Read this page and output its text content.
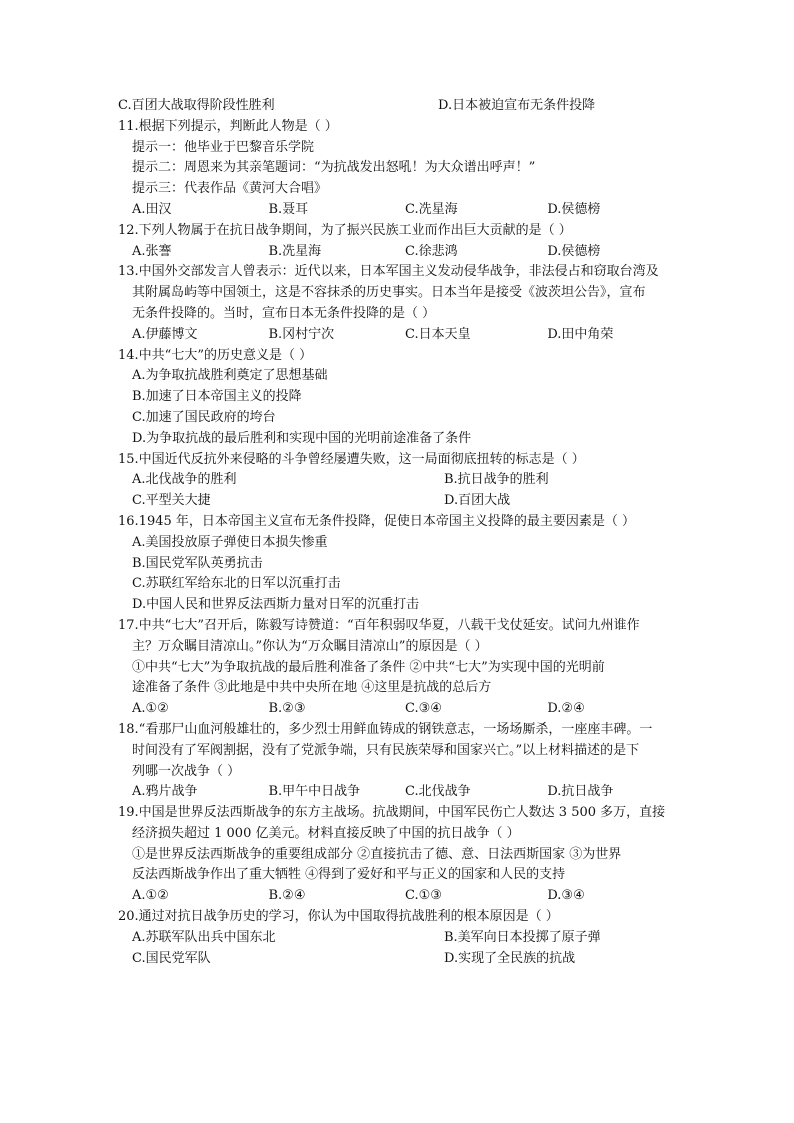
C.百团大战取得阶段性胜利	D.日本被迫宣布无条件投降
11.根据下列提示，判断此人物是（ ）
提示一：他毕业于巴黎音乐学院
提示二：周恩来为其亲笔题词：“为抗战发出怒吼！为大众谱出呼声！”
提示三：代表作品《黄河大合唱》
A.田汉	B.聂耳	C.冼星海	D.侯德榜
12.下列人物属于在抗日战争期间，为了振兴民族工业而作出巨大贡献的是（ ）
A.张謇	B.冼星海	C.徐悲鸿	D.侯德榜
13.中国外交部发言人曾表示：近代以来，日本军国主义发动侵华战争，非法侵占和窃取台湾及
其附属岛屿等中国领土，这是不容抹杀的历史事实。日本当年是接受《波茨坦公告》，宣布
无条件投降的。当时，宣布日本无条件投降的是（ ）
A.伊藤博文	B.冈村宁次	C.日本天皇	D.田中角荣
14.中共“七大”的历史意义是（ ）
A.为争取抗战胜利奠定了思想基础
B.加速了日本帝国主义的投降
C.加速了国民政府的垮台
D.为争取抗战的最后胜利和实现中国的光明前途准备了条件
15.中国近代反抗外来侵略的斗争曾经屡遭失败，这一局面彻底扭转的标志是（ ）
A.北伐战争的胜利	B.抗日战争的胜利
C.平型关大捷	D.百团大战
16.1945 年，日本帝国主义宣布无条件投降，促使日本帝国主义投降的最主要因素是（ ）
A.美国投放原子弹使日本损失惨重
B.国民党军队英勇抗击
C.苏联红军给东北的日军以沉重打击
D.中国人民和世界反法西斯力量对日军的沉重打击
17.中共“七大”召开后，陈毅写诗赞道：“百年积弱叹华夏，八载干戈仗延安。试问九州谁作
主？万众瞩目清凉山。”你认为“万众瞩目清凉山”的原因是（ ）
①中共“七大”为争取抗战的最后胜利准备了条件 ②中共“七大”为实现中国的光明前
途准备了条件 ③此地是中共中央所在地 ④这里是抗战的总后方
A.①②	B.②③	C.③④	D.②④
18.“看那尸山血河般雄壮的，多少烈士用鲜血铸成的钢铁意志，一场场厮杀，一座座丰碑。一
时间没有了军阀割据，没有了党派争端，只有民族荣辱和国家兴亡。”以上材料描述的是下
列哪一次战争（ ）
A.鸦片战争	B.甲午中日战争	C.北伐战争	D.抗日战争
19.中国是世界反法西斯战争的东方主战场。抗战期间，中国军民伤亡人数达 3 500 多万，直接
经济损失超过 1 000 亿美元。材料直接反映了中国的抗日战争（ ）
①是世界反法西斯战争的重要组成部分 ②直接抗击了德、意、日法西斯国家 ③为世界
反法西斯战争作出了重大牺牲 ④得到了爱好和平与正义的国家和人民的支持
A.①②	B.②④	C.①③	D.③④
20.通过对抗日战争历史的学习，你认为中国取得抗战胜利的根本原因是（ ）
A.苏联军队出兵中国东北	B.美军向日本投掷了原子弹
C.国民党军队	D.实现了全民族的抗战
